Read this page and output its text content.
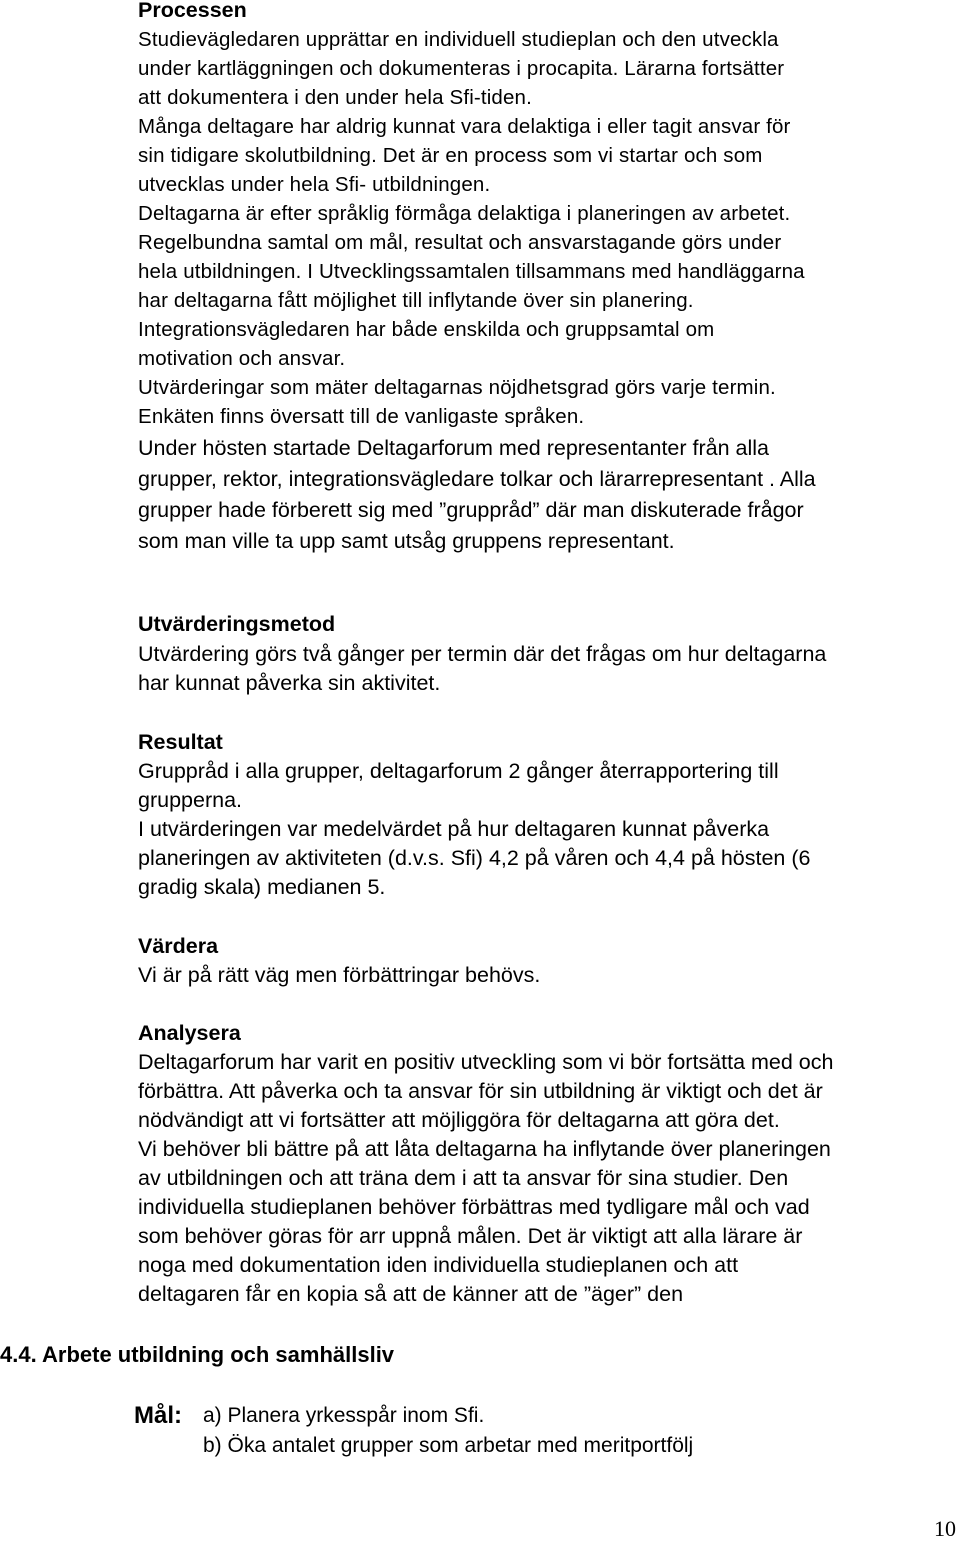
Processen
Studievägledaren upprättar en individuell studieplan och den utveckla
under kartläggningen och dokumenteras i procapita. Lärarna fortsätter
att dokumentera i den under hela Sfi-tiden.
Många deltagare har aldrig kunnat vara delaktiga i eller tagit ansvar för
sin tidigare skolutbildning. Det är en process som vi startar och som
utvecklas under hela Sfi- utbildningen.
Deltagarna är efter språklig förmåga delaktiga i planeringen av arbetet.
Regelbundna samtal om mål, resultat och ansvarstagande görs under
hela utbildningen. I Utvecklingssamtalen tillsammans med handläggarna
har deltagarna fått möjlighet till inflytande över sin planering.
Integrationsvägledaren har både enskilda och gruppsamtal om
motivation och ansvar.
Utvärderingar som mäter deltagarnas nöjdhetsgrad görs varje termin.
Enkäten finns översatt till de vanligaste språken.
Under hösten startade Deltagarforum med representanter från alla
grupper, rektor, integrationsvägledare tolkar och lärarrepresentant . Alla
grupper hade förberett sig med ”gruppråd” där man diskuterade frågor
som man ville ta upp samt utsåg gruppens representant.
Utvärderingsmetod
Utvärdering görs två gånger per termin där det frågas om hur deltagarna
har kunnat påverka sin aktivitet.
Resultat
Gruppråd i alla grupper, deltagarforum 2 gånger återrapportering till
grupperna.
I utvärderingen var medelvärdet på hur deltagaren kunnat påverka
planeringen av aktiviteten (d.v.s. Sfi) 4,2 på våren och 4,4 på hösten (6
gradig skala) medianen 5.
Värdera
Vi är på rätt väg men förbättringar behövs.
Analysera
Deltagarforum har varit en positiv utveckling som vi bör fortsätta med och
förbättra. Att påverka och ta ansvar för sin utbildning är viktigt och det är
nödvändigt att vi fortsätter att möjliggöra för deltagarna att göra det.
Vi behöver bli bättre på att låta deltagarna ha inflytande över planeringen
av utbildningen och att träna dem i att ta ansvar för sina studier. Den
individuella studieplanen behöver förbättras med tydligare mål och vad
som behöver göras för arr uppnå målen. Det är viktigt att alla lärare är
noga med dokumentation iden individuella studieplanen och att
deltagaren får en kopia så att de känner att de ”äger” den
4.4. Arbete utbildning och samhällsliv
Mål: a) Planera yrkesspår inom Sfi.
b) Öka antalet grupper som arbetar med meritportfölj
10
